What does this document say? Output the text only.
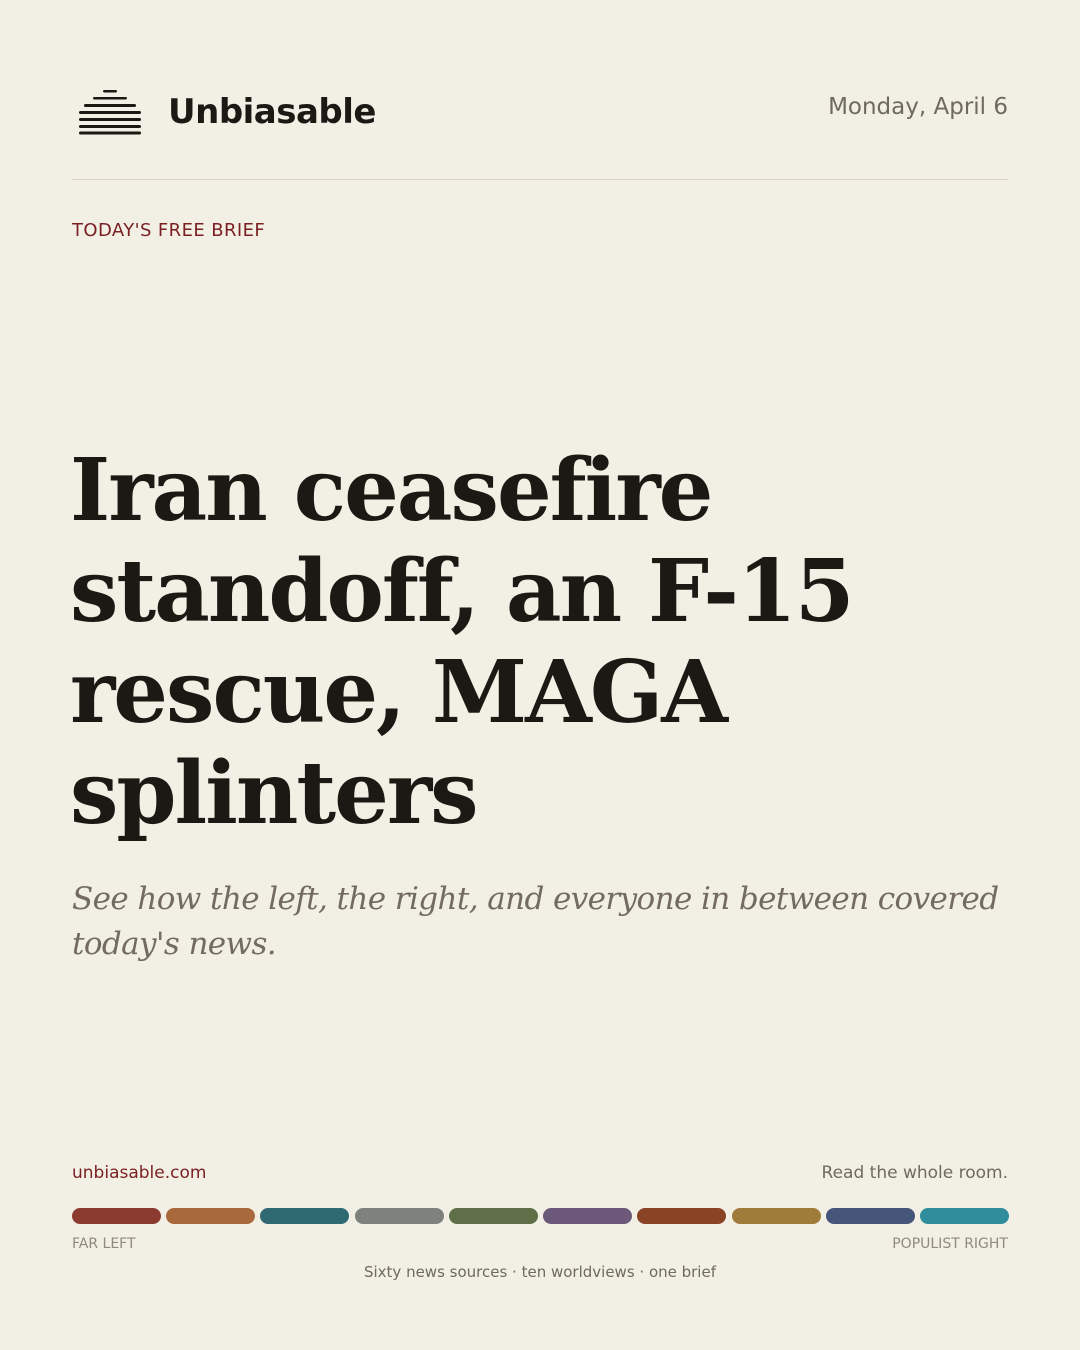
Unbiasable	Monday, April 6
TODAY'S FREE BRIEF
Iran ceasefire standoff, an F-15 rescue, MAGA splinters

See how the left, the right, and everyone in between covered today's news.

unbiasable.com	Read the whole room.
FAR LEFT	POPULIST RIGHT
Sixty news sources · ten worldviews · one brief
